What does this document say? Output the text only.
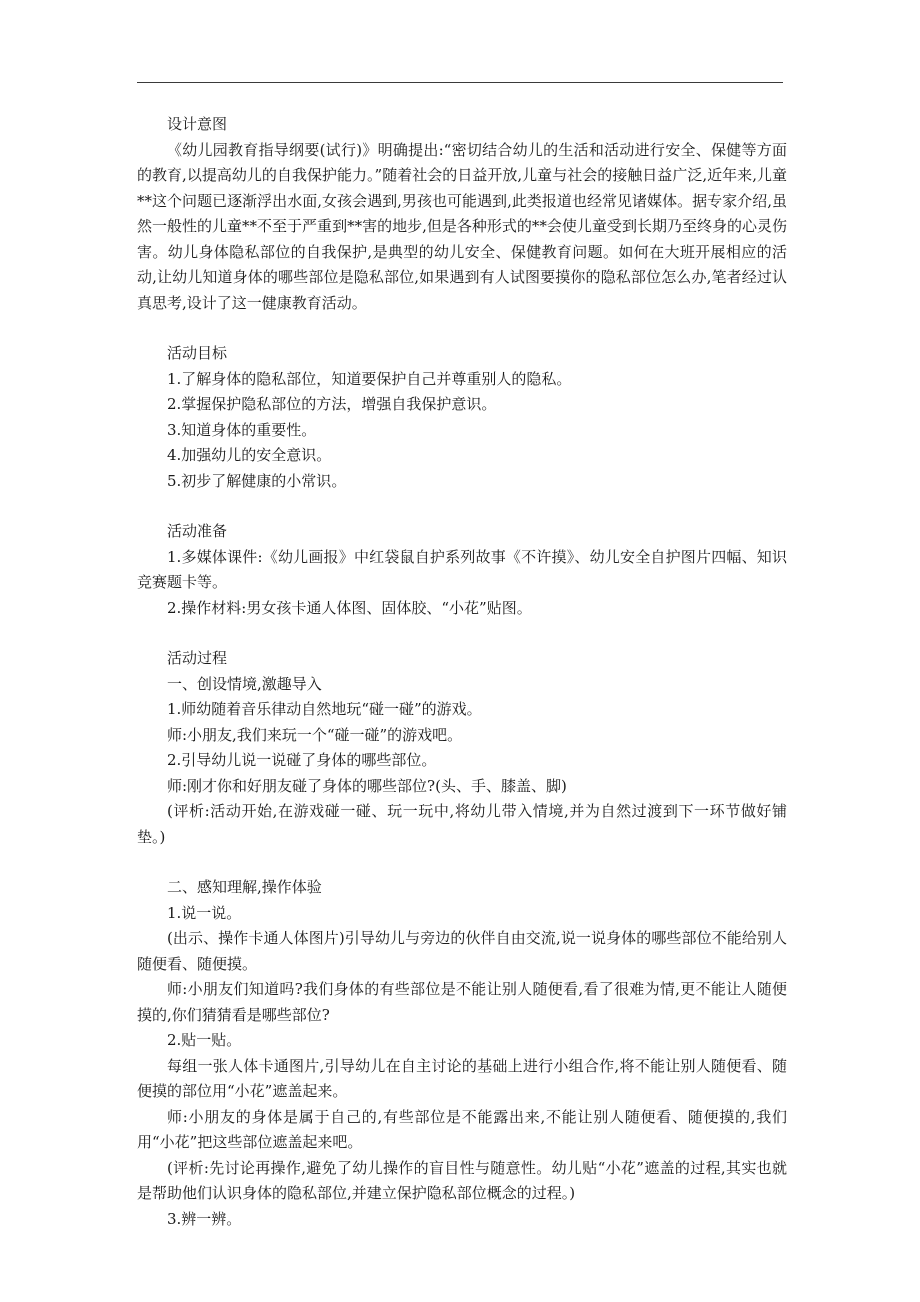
设计意图

《幼儿园教育指导纲要(试行)》明确提出:“密切结合幼儿的生活和活动进行安全、保健等方面的教育,以提高幼儿的自我保护能力。”随着社会的日益开放,儿童与社会的接触日益广泛,近年来,儿童**这个问题已逐渐浮出水面,女孩会遇到,男孩也可能遇到,此类报道也经常见诸媒体。据专家介绍,虽然一般性的儿童**不至于严重到**害的地步,但是各种形式的**会使儿童受到长期乃至终身的心灵伤害。幼儿身体隐私部位的自我保护,是典型的幼儿安全、保健教育问题。如何在大班开展相应的活动,让幼儿知道身体的哪些部位是隐私部位,如果遇到有人试图要摸你的隐私部位怎么办,笔者经过认真思考,设计了这一健康教育活动。

活动目标

1.了解身体的隐私部位，知道要保护自己并尊重别人的隐私。

2.掌握保护隐私部位的方法，增强自我保护意识。

3.知道身体的重要性。

4.加强幼儿的安全意识。

5.初步了解健康的小常识。

活动准备

1.多媒体课件:《幼儿画报》中红袋鼠自护系列故事《不许摸》、幼儿安全自护图片四幅、知识竞赛题卡等。

2.操作材料:男女孩卡通人体图、固体胶、“小花”贴图。

活动过程

一、创设情境,激趣导入

1.师幼随着音乐律动自然地玩“碰一碰”的游戏。

师:小朋友,我们来玩一个“碰一碰”的游戏吧。

2.引导幼儿说一说碰了身体的哪些部位。

师:刚才你和好朋友碰了身体的哪些部位?(头、手、膝盖、脚)

(评析:活动开始,在游戏碰一碰、玩一玩中,将幼儿带入情境,并为自然过渡到下一环节做好铺垫。)

二、感知理解,操作体验

1.说一说。

(出示、操作卡通人体图片)引导幼儿与旁边的伙伴自由交流,说一说身体的哪些部位不能给别人随便看、随便摸。

师:小朋友们知道吗?我们身体的有些部位是不能让别人随便看,看了很难为情,更不能让人随便摸的,你们猜猜看是哪些部位?

2.贴一贴。

每组一张人体卡通图片,引导幼儿在自主讨论的基础上进行小组合作,将不能让别人随便看、随便摸的部位用“小花”遮盖起来。

师:小朋友的身体是属于自己的,有些部位是不能露出来,不能让别人随便看、随便摸的,我们用“小花”把这些部位遮盖起来吧。

(评析:先讨论再操作,避免了幼儿操作的盲目性与随意性。幼儿贴“小花”遮盖的过程,其实也就是帮助他们认识身体的隐私部位,并建立保护隐私部位概念的过程。)

3.辨一辨。
